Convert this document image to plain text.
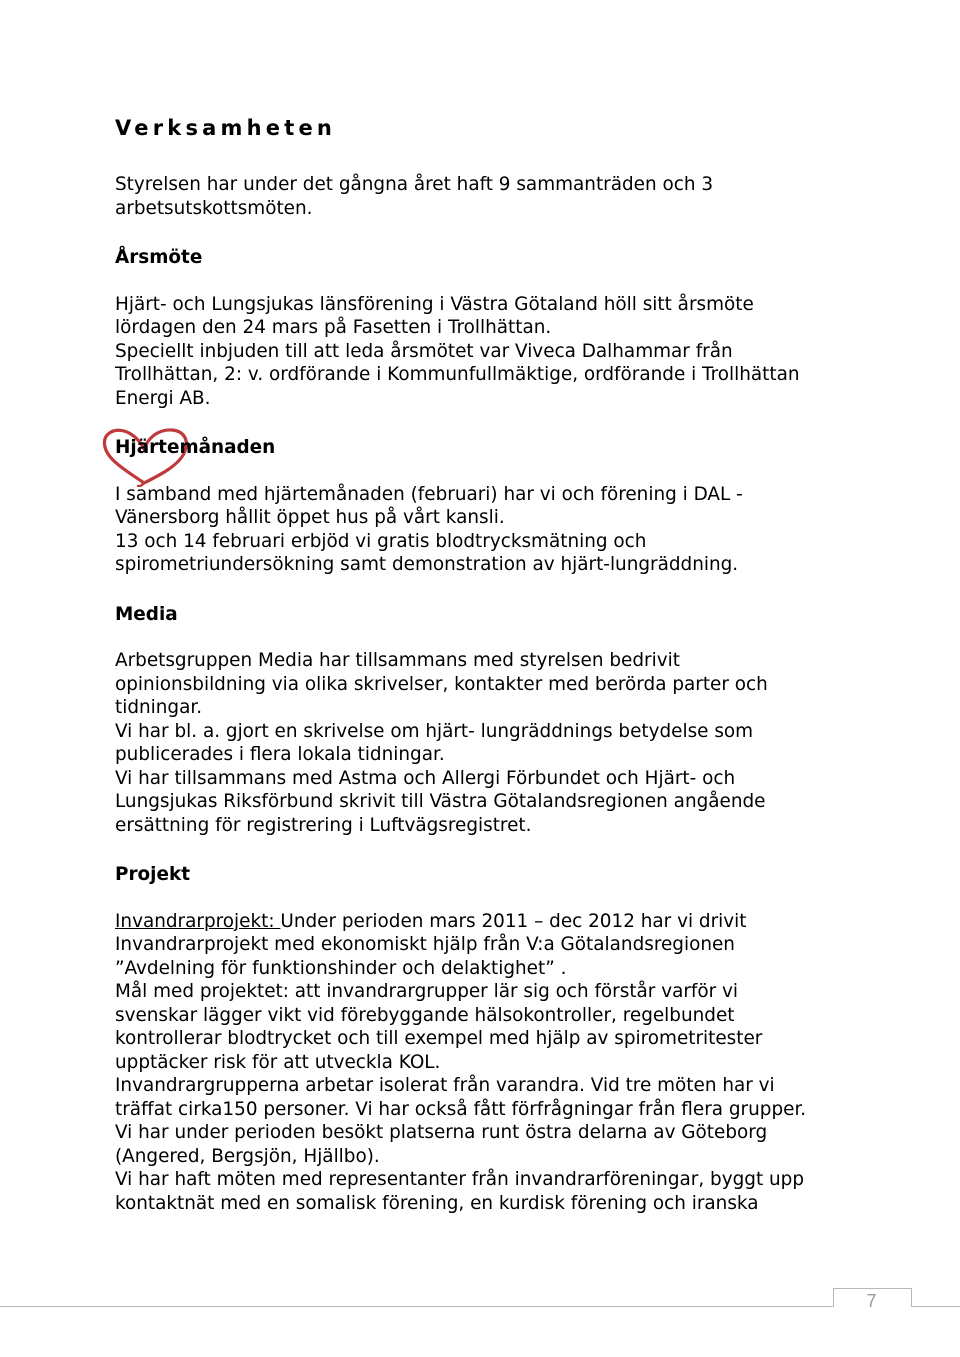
Verksamheten

Styrelsen har under det gångna året haft 9 sammanträden och 3

arbetsutskottsmöten.

Årsmöte

Hjärt- och Lungsjukas länsförening i Västra Götaland höll sitt årsmöte

lördagen den 24 mars på Fasetten i Trollhättan.

Speciellt inbjuden till att leda årsmötet var Viveca Dalhammar från

Trollhättan, 2: v. ordförande i Kommunfullmäktige, ordförande i Trollhättan

Energi AB.

Hjärtemånaden

I samband med hjärtemånaden (februari) har vi och förening i DAL -

Vänersborg hållit öppet hus på vårt kansli.

13 och 14 februari erbjöd vi gratis blodtrycksmätning och

spirometriundersökning samt demonstration av hjärt-lungräddning.

Media

Arbetsgruppen Media har tillsammans med styrelsen bedrivit

opinionsbildning via olika skrivelser, kontakter med berörda parter och

tidningar.

Vi har bl. a. gjort en skrivelse om hjärt- lungräddnings betydelse som

publicerades i flera lokala tidningar.

Vi har tillsammans med Astma och Allergi Förbundet och Hjärt- och

Lungsjukas Riksförbund skrivit till Västra Götalandsregionen angående

ersättning för registrering i Luftvägsregistret.

Projekt

Invandrarprojekt: Under perioden mars 2011 – dec 2012 har vi drivit

Invandrarprojekt med ekonomiskt hjälp från V:a Götalandsregionen

”Avdelning för funktionshinder och delaktighet” .

Mål med projektet: att invandrargrupper lär sig och förstår varför vi

svenskar lägger vikt vid förebyggande hälsokontroller, regelbundet

kontrollerar blodtrycket och till exempel med hjälp av spirometritester

upptäcker risk för att utveckla KOL.

Invandrargrupperna arbetar isolerat från varandra. Vid tre möten har vi

träffat cirka150 personer. Vi har också fått förfrågningar från flera grupper.

Vi har under perioden besökt platserna runt östra delarna av Göteborg

(Angered, Bergsjön, Hjällbo).

Vi har haft möten med representanter från invandrarföreningar, byggt upp

kontaktnät med en somalisk förening, en kurdisk förening och iranska

7
